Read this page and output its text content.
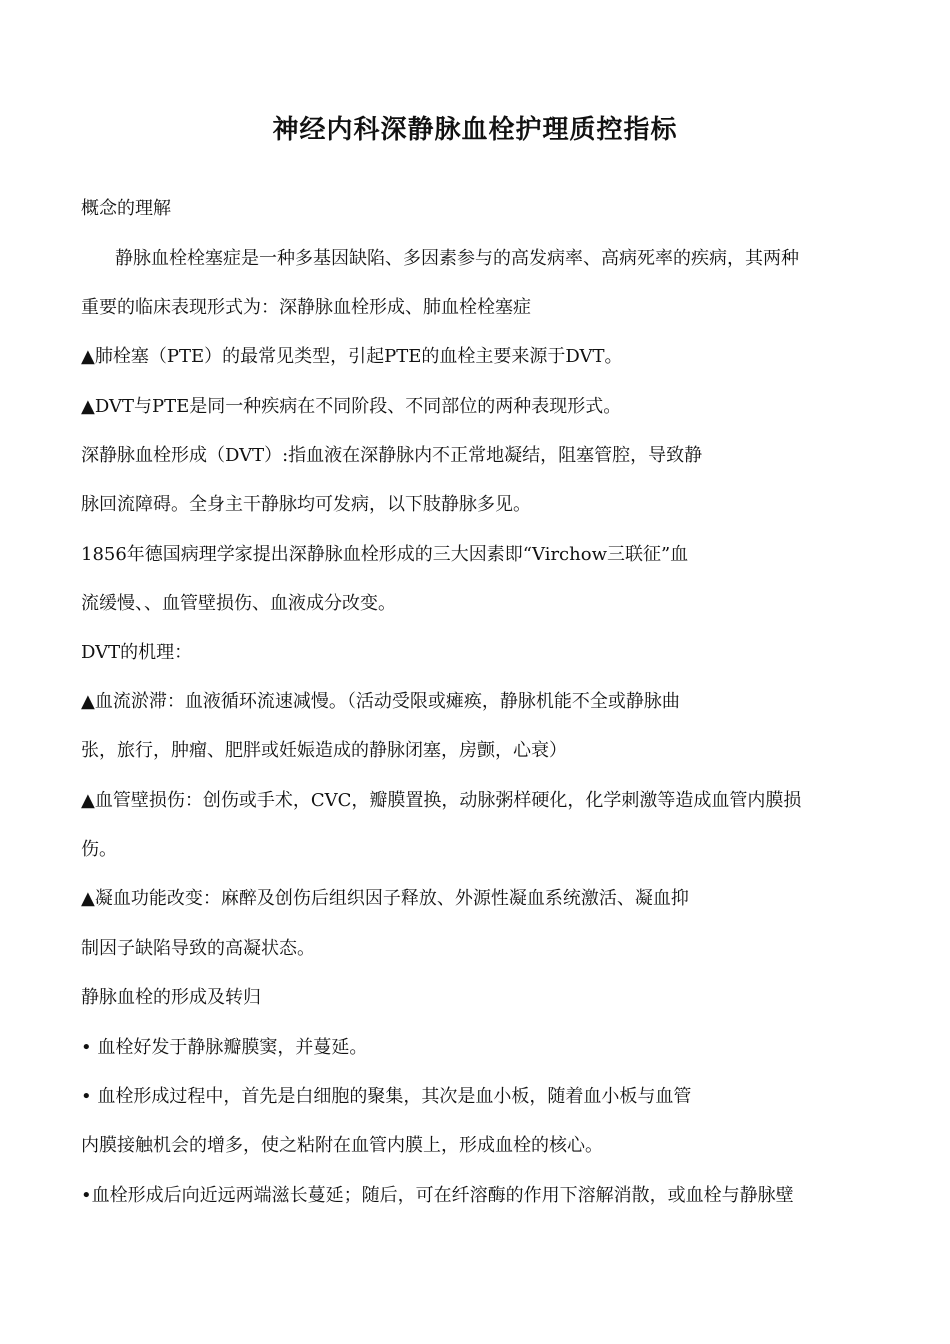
神经内科深静脉血栓护理质控指标

概念的理解

静脉血栓栓塞症是一种多基因缺陷、多因素参与的高发病率、高病死率的疾病，其两种

重要的临床表现形式为：深静脉血栓形成、肺血栓栓塞症

▲肺栓塞（PTE）的最常见类型，引起PTE的血栓主要来源于DVT。

▲DVT与PTE是同一种疾病在不同阶段、不同部位的两种表现形式。

深静脉血栓形成（DVT）:指血液在深静脉内不正常地凝结，阻塞管腔，导致静

脉回流障碍。全身主干静脉均可发病，以下肢静脉多见。

1856年德国病理学家提出深静脉血栓形成的三大因素即“Virchow三联征”血

流缓慢、、血管壁损伤、血液成分改变。

DVT的机理：

▲血流淤滞：血液循环流速减慢。（活动受限或瘫痪，静脉机能不全或静脉曲

张，旅行，肿瘤、肥胖或妊娠造成的静脉闭塞，房颤，心衰）

▲血管壁损伤：创伤或手术，CVC，瓣膜置换，动脉粥样硬化，化学刺激等造成血管内膜损

伤。

▲凝血功能改变：麻醉及创伤后组织因子释放、外源性凝血系统激活、凝血抑

制因子缺陷导致的高凝状态。

静脉血栓的形成及转归

• 血栓好发于静脉瓣膜窦，并蔓延。

• 血栓形成过程中，首先是白细胞的聚集，其次是血小板，随着血小板与血管

内膜接触机会的增多，使之粘附在血管内膜上，形成血栓的核心。

•血栓形成后向近远两端滋长蔓延；随后，可在纤溶酶的作用下溶解消散，或血栓与静脉壁
